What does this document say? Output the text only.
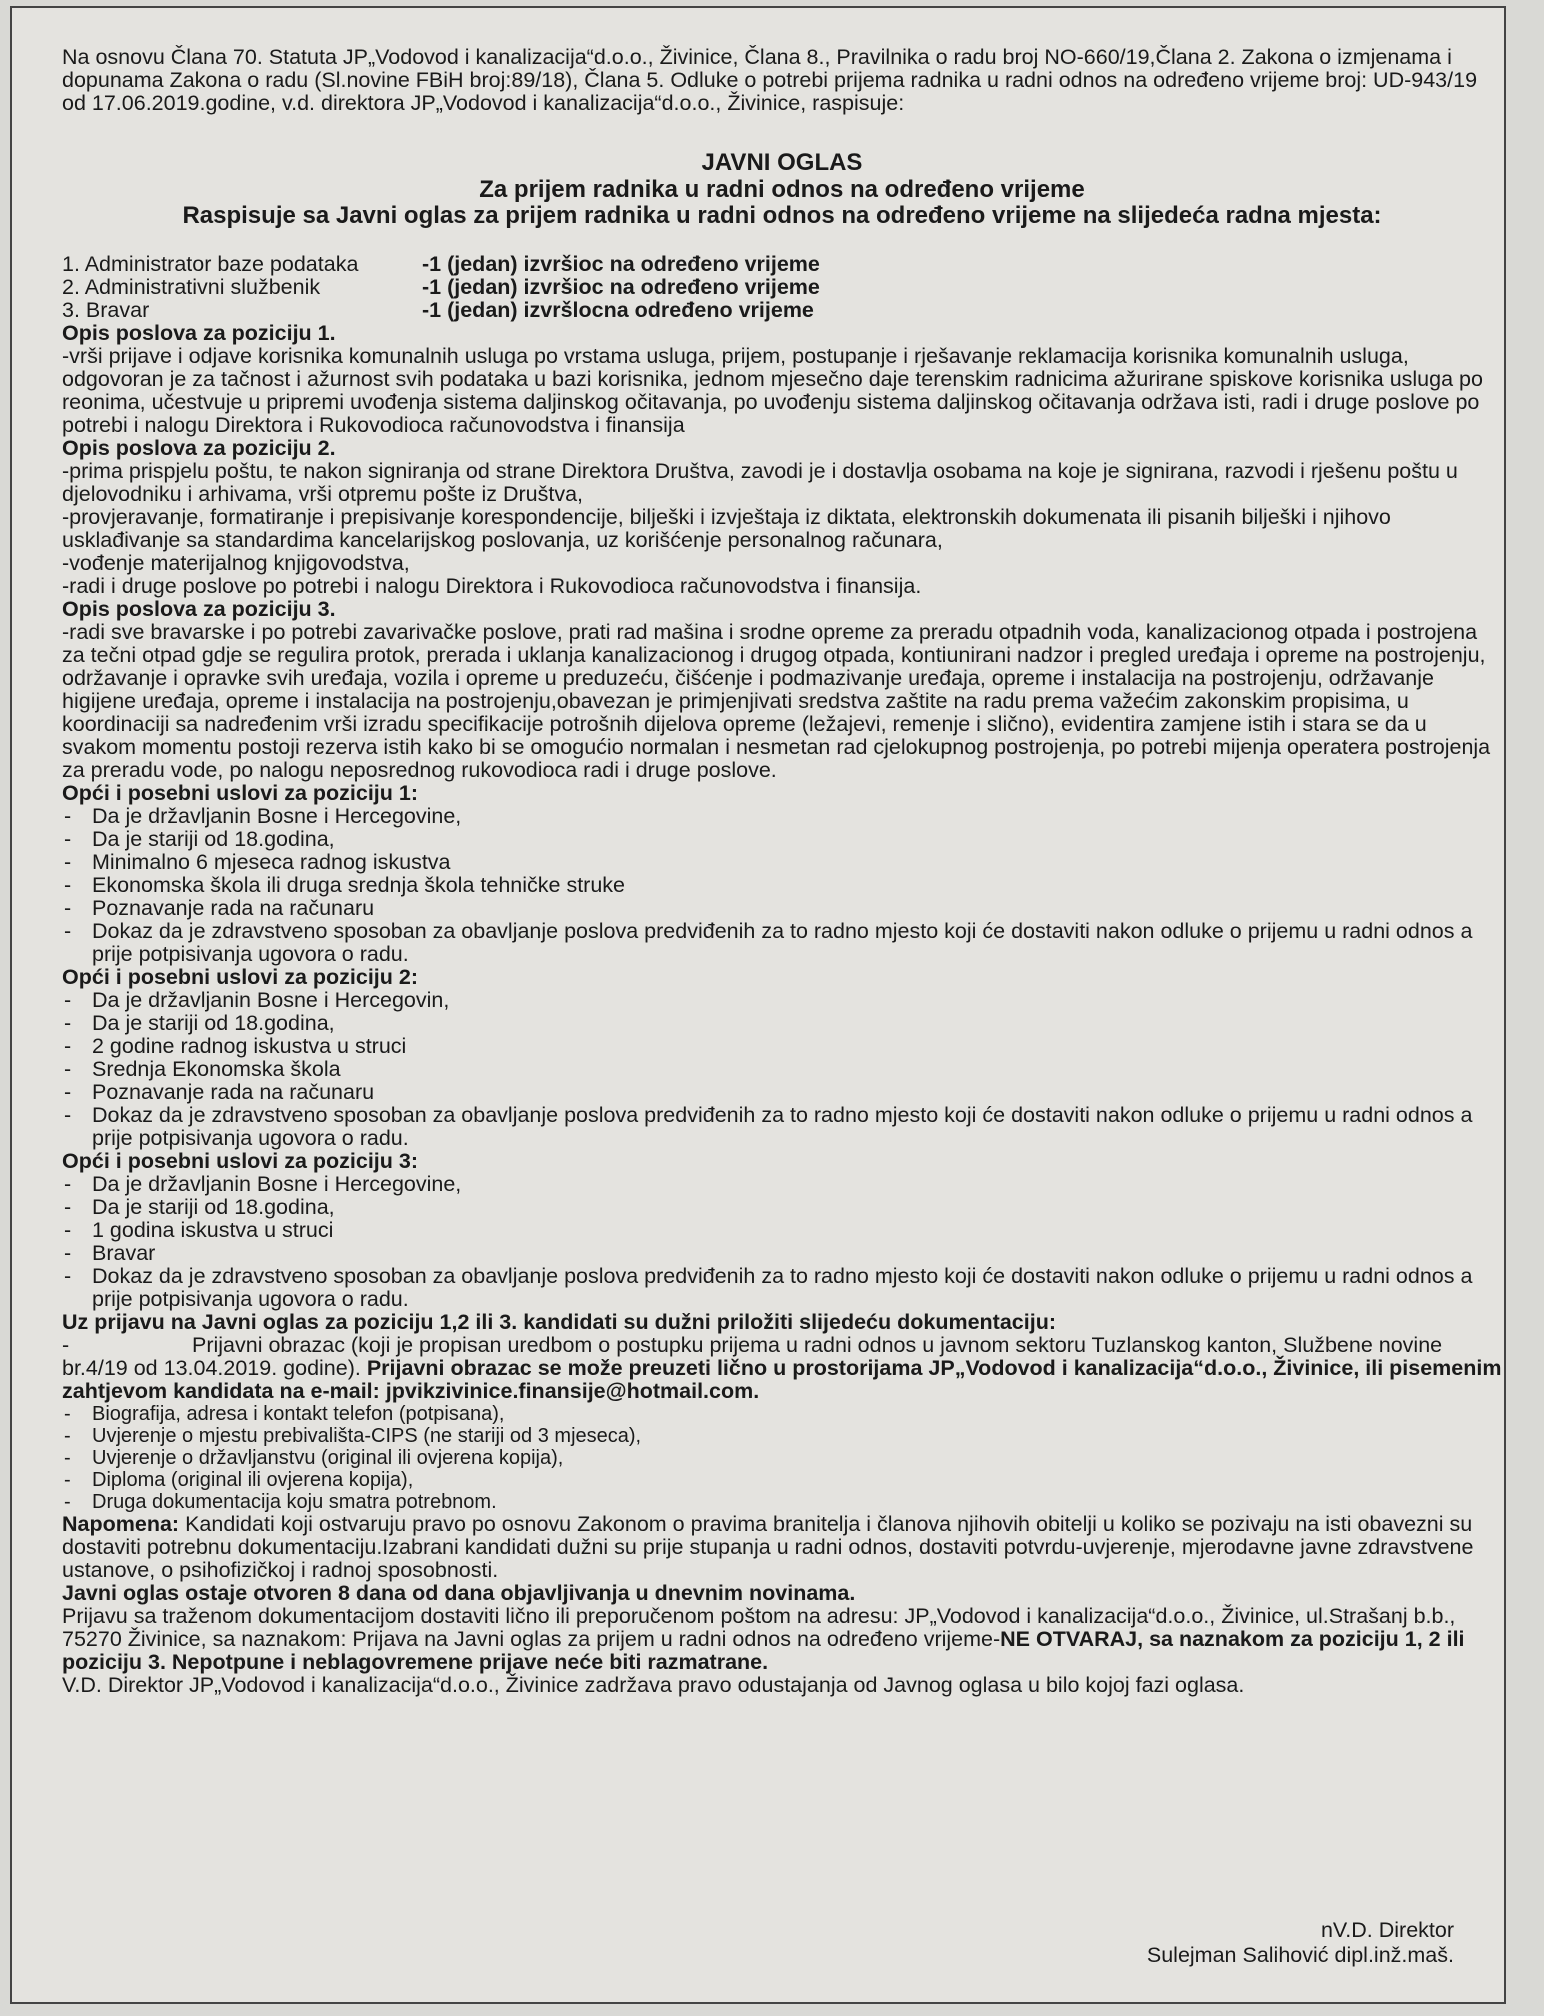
Na osnovu Člana 70. Statuta JP„Vodovod i kanalizacija“d.o.o., Živinice, Člana 8., Pravilnika o radu broj NO-660/19,Člana 2. Zakona o izmjenama i dopunama Zakona o radu (Sl.novine FBiH broj:89/18), Člana 5. Odluke o potrebi prijema radnika u radni odnos na određeno vrijeme broj: UD-943/19 od 17.06.2019.godine, v.d. direktora JP„Vodovod i kanalizacija“d.o.o., Živinice, raspisuje:

JAVNI OGLAS

Za prijem radnika u radni odnos na određeno vrijeme

Raspisuje sa Javni oglas za prijem radnika u radni odnos na određeno vrijeme na slijedeća radna mjesta:

1. Administrator baze podataka	-1 (jedan) izvršioc na određeno vrijeme
2. Administrativni službenik	-1 (jedan) izvršioc na određeno vrijeme
3. Bravar	-1 (jedan) izvršlocna određeno vrijeme

Opis poslova za poziciju 1.

-vrši prijave i odjave korisnika komunalnih usluga po vrstama usluga, prijem, postupanje i rješavanje reklamacija korisnika komunalnih usluga, odgovoran je za tačnost i ažurnost svih podataka u bazi korisnika, jednom mjesečno daje terenskim radnicima ažurirane spiskove korisnika usluga po reonima, učestvuje u pripremi uvođenja sistema daljinskog očitavanja, po uvođenju sistema daljinskog očitavanja održava isti, radi i druge poslove po potrebi i nalogu Direktora i Rukovodioca računovodstva i finansija

Opis poslova za poziciju 2.

-prima prispjelu poštu, te nakon signiranja od strane Direktora Društva, zavodi je i dostavlja osobama na koje je signirana, razvodi i rješenu poštu u djelovodniku i arhivama, vrši otpremu pošte iz Društva,

-provjeravanje, formatiranje i prepisivanje korespondencije, bilješki i izvještaja iz diktata, elektronskih dokumenata ili pisanih bilješki i njihovo usklađivanje sa standardima kancelarijskog poslovanja, uz korišćenje personalnog računara,

-vođenje materijalnog knjigovodstva,

-radi i druge poslove po potrebi i nalogu Direktora i Rukovodioca računovodstva i finansija.

Opis poslova za poziciju 3.

-radi sve bravarske i po potrebi zavarivačke poslove, prati rad mašina i srodne opreme za preradu otpadnih voda, kanalizacionog otpada i postrojena za tečni otpad gdje se regulira protok, prerada i uklanja kanalizacionog i drugog otpada, kontiunirani nadzor i pregled uređaja i opreme na postrojenju, održavanje i opravke svih uređaja, vozila i opreme u preduzeću, čišćenje i podmazivanje uređaja, opreme i instalacija na postrojenju, održavanje higijene uređaja, opreme i instalacija na postrojenju,obavezan je primjenjivati sredstva zaštite na radu prema važećim zakonskim propisima, u koordinaciji sa nadređenim vrši izradu specifikacije potrošnih dijelova opreme (ležajevi, remenje i slično), evidentira zamjene istih i stara se da u svakom momentu postoji rezerva istih kako bi se omogućio normalan i nesmetan rad cjelokupnog postrojenja, po potrebi mijenja operatera postrojenja za preradu vode, po nalogu neposrednog rukovodioca radi i druge poslove.

Opći i posebni uslovi za poziciju 1:

- Da je državljanin Bosne i Hercegovine,
- Da je stariji od 18.godina,
- Minimalno 6 mjeseca radnog iskustva
- Ekonomska škola ili druga srednja škola tehničke struke
- Poznavanje rada na računaru
- Dokaz da je zdravstveno sposoban za obavljanje poslova predviđenih za to radno mjesto koji će dostaviti nakon odluke o prijemu u radni odnos a prije potpisivanja ugovora o radu.

Opći i posebni uslovi za poziciju 2:

- Da je državljanin Bosne i Hercegovin,
- Da je stariji od 18.godina,
- 2 godine radnog iskustva u struci
- Srednja Ekonomska škola
- Poznavanje rada na računaru
- Dokaz da je zdravstveno sposoban za obavljanje poslova predviđenih za to radno mjesto koji će dostaviti nakon odluke o prijemu u radni odnos a prije potpisivanja ugovora o radu.

Opći i posebni uslovi za poziciju 3:

- Da je državljanin Bosne i Hercegovine,
- Da je stariji od 18.godina,
- 1 godina iskustva u struci
- Bravar
- Dokaz da je zdravstveno sposoban za obavljanje poslova predviđenih za to radno mjesto koji će dostaviti nakon odluke o prijemu u radni odnos a prije potpisivanja ugovora o radu.

Uz prijavu na Javni oglas za poziciju 1,2 ili 3. kandidati su dužni priložiti slijedeću dokumentaciju:

-	Prijavni obrazac (koji je propisan uredbom o postupku prijema u radni odnos u javnom sektoru Tuzlanskog kanton, Službene novine br.4/19 od 13.04.2019. godine). Prijavni obrazac se može preuzeti lično u prostorijama JP„Vodovod i kanalizacija“d.o.o., Živinice, ili pisemenim zahtjevom kandidata na e-mail: jpvikzivinice.finansije@hotmail.com.

- Biografija, adresa i kontakt telefon (potpisana),
- Uvjerenje o mjestu prebivališta-CIPS (ne stariji od 3 mjeseca),
- Uvjerenje o državljanstvu (original ili ovjerena kopija),
- Diploma (original ili ovjerena kopija),
- Druga dokumentacija koju smatra potrebnom.

Napomena: Kandidati koji ostvaruju pravo po osnovu Zakonom o pravima branitelja i članova njihovih obitelji u koliko se pozivaju na isti obavezni su dostaviti potrebnu dokumentaciju.Izabrani kandidati dužni su prije stupanja u radni odnos, dostaviti potvrdu-uvjerenje, mjerodavne javne zdravstvene ustanove, o psihofizičkoj i radnoj sposobnosti.

Javni oglas ostaje otvoren 8 dana od dana objavljivanja u dnevnim novinama.

Prijavu sa traženom dokumentacijom dostaviti lično ili preporučenom poštom na adresu: JP„Vodovod i kanalizacija“d.o.o., Živinice, ul.Strašanj b.b., 75270 Živinice, sa naznakom: Prijava na Javni oglas za prijem u radni odnos na određeno vrijeme-NE OTVARAJ, sa naznakom za poziciju 1, 2 ili poziciju 3. Nepotpune i neblagovremene prijave neće biti razmatrane.

V.D. Direktor JP„Vodovod i kanalizacija“d.o.o., Živinice zadržava pravo odustajanja od Javnog oglasa u bilo kojoj fazi oglasa.

nV.D. Direktor
Sulejman Salihović dipl.inž.maš.
